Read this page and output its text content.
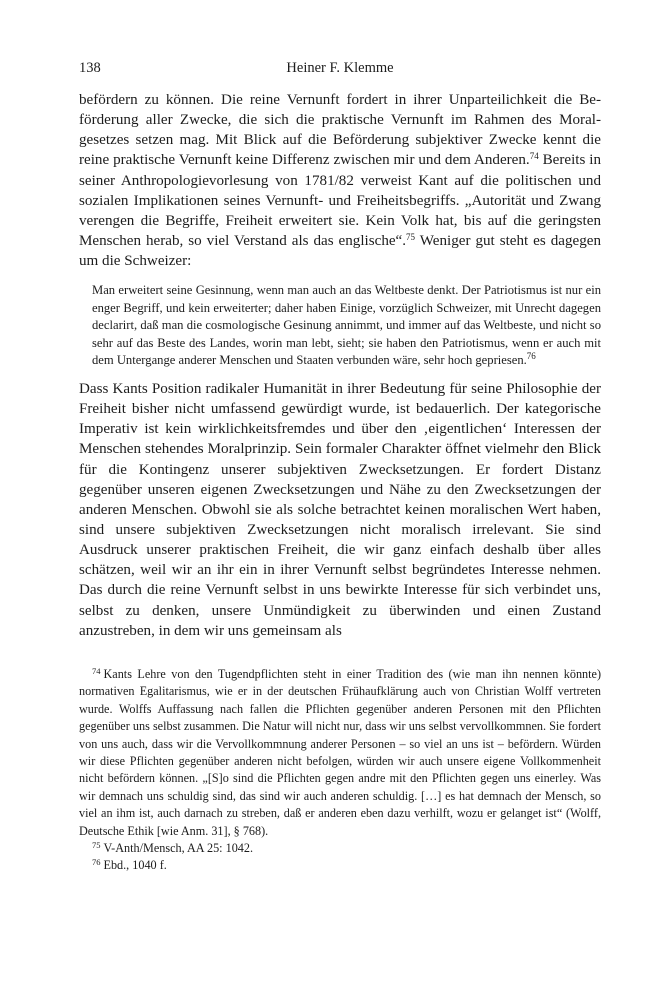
138	Heiner F. Klemme

befördern zu können. Die reine Vernunft fordert in ihrer Unparteilichkeit die Beförderung aller Zwecke, die sich die praktische Vernunft im Rahmen des Moralgesetzes setzen mag. Mit Blick auf die Beförderung subjektiver Zwecke kennt die reine praktische Vernunft keine Differenz zwischen mir und dem Anderen.$^{74}$ Bereits in seiner Anthropologievorlesung von 1781/82 verweist Kant auf die politischen und sozialen Implikationen seines Vernunft- und Freiheitsbegriffs. „Autorität und Zwang verengen die Begriffe, Freiheit erweitert sie. Kein Volk hat, bis auf die geringsten Menschen herab, so viel Verstand als das englische“.$^{75}$ Weniger gut steht es dagegen um die Schweizer:

Man erweitert seine Gesinnung, wenn man auch an das Weltbeste denkt. Der Patriotismus ist nur ein enger Begriff, und kein erweiterter; daher haben Einige, vorzüglich Schweizer, mit Unrecht dagegen declarirt, daß man die cosmologische Gesinung annimmt, und immer auf das Weltbeste, und nicht so sehr auf das Beste des Landes, worin man lebt, sieht; sie haben den Patriotismus, wenn er auch mit dem Untergange anderer Menschen und Staaten verbunden wäre, sehr hoch gepriesen.$^{76}$

Dass Kants Position radikaler Humanität in ihrer Bedeutung für seine Philosophie der Freiheit bisher nicht umfassend gewürdigt wurde, ist bedauerlich. Der kategorische Imperativ ist kein wirklichkeitsfremdes und über den ‚eigentlichen‘ Interessen der Menschen stehendes Moralprinzip. Sein formaler Charakter öffnet vielmehr den Blick für die Kontingenz unserer subjektiven Zwecksetzungen. Er fordert Distanz gegenüber unseren eigenen Zwecksetzungen und Nähe zu den Zwecksetzungen der anderen Menschen. Obwohl sie als solche betrachtet keinen moralischen Wert haben, sind unsere subjektiven Zwecksetzungen nicht moralisch irrelevant. Sie sind Ausdruck unserer praktischen Freiheit, die wir ganz einfach deshalb über alles schätzen, weil wir an ihr ein in ihrer Vernunft selbst begründetes Interesse nehmen. Das durch die reine Vernunft selbst in uns bewirkte Interesse für sich verbindet uns, selbst zu denken, unsere Unmündigkeit zu überwinden und einen Zustand anzustreben, in dem wir uns gemeinsam als

$^{74}$ Kants Lehre von den Tugendpflichten steht in einer Tradition des (wie man ihn nennen könnte) normativen Egalitarismus, wie er in der deutschen Frühaufklärung auch von Christian Wolff vertreten wurde. Wolffs Auffassung nach fallen die Pflichten gegenüber anderen Personen mit den Pflichten gegenüber uns selbst zusammen. Die Natur will nicht nur, dass wir uns selbst vervollkommnen. Sie fordert von uns auch, dass wir die Vervollkommnung anderer Personen – so viel an uns ist – befördern. Würden wir diese Pflichten gegenüber anderen nicht befolgen, würden wir auch unsere eigene Vollkommenheit nicht befördern können. „[S]o sind die Pflichten gegen andre mit den Pflichten gegen uns einerley. Was wir demnach uns schuldig sind, das sind wir auch anderen schuldig. […] es hat demnach der Mensch, so viel an ihm ist, auch darnach zu streben, daß er anderen eben dazu verhilft, wozu er gelanget ist“ (Wolff, Deutsche Ethik [wie Anm. 31], § 768).

$^{75}$ V-Anth/Mensch, AA 25: 1042.

$^{76}$ Ebd., 1040 f.
